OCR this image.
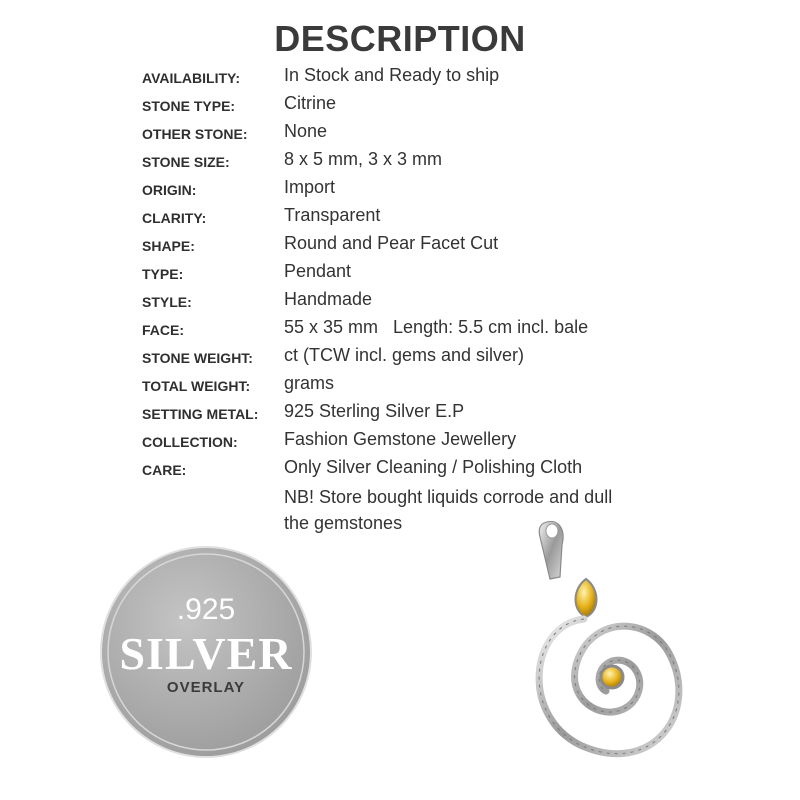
DESCRIPTION
AVAILABILITY: In Stock and Ready to ship
STONE TYPE:	Citrine
OTHER STONE: None
STONE SIZE:	8 x 5 mm, 3 x 3 mm
ORIGIN:	Import
CLARITY:	Transparent
SHAPE:	Round and Pear Facet Cut
TYPE:	Pendant
STYLE:	Handmade
FACE:	55 x 35 mm   Length: 5.5 cm incl. bale
STONE WEIGHT: ct (TCW incl. gems and silver)
TOTAL WEIGHT: grams
SETTING METAL: 925 Sterling Silver E.P
COLLECTION:	Fashion Gemstone Jewellery
CARE:	Only Silver Cleaning / Polishing Cloth
NB! Store bought liquids corrode and dull
the gemstones
.925
SILVER
OVERLAY
